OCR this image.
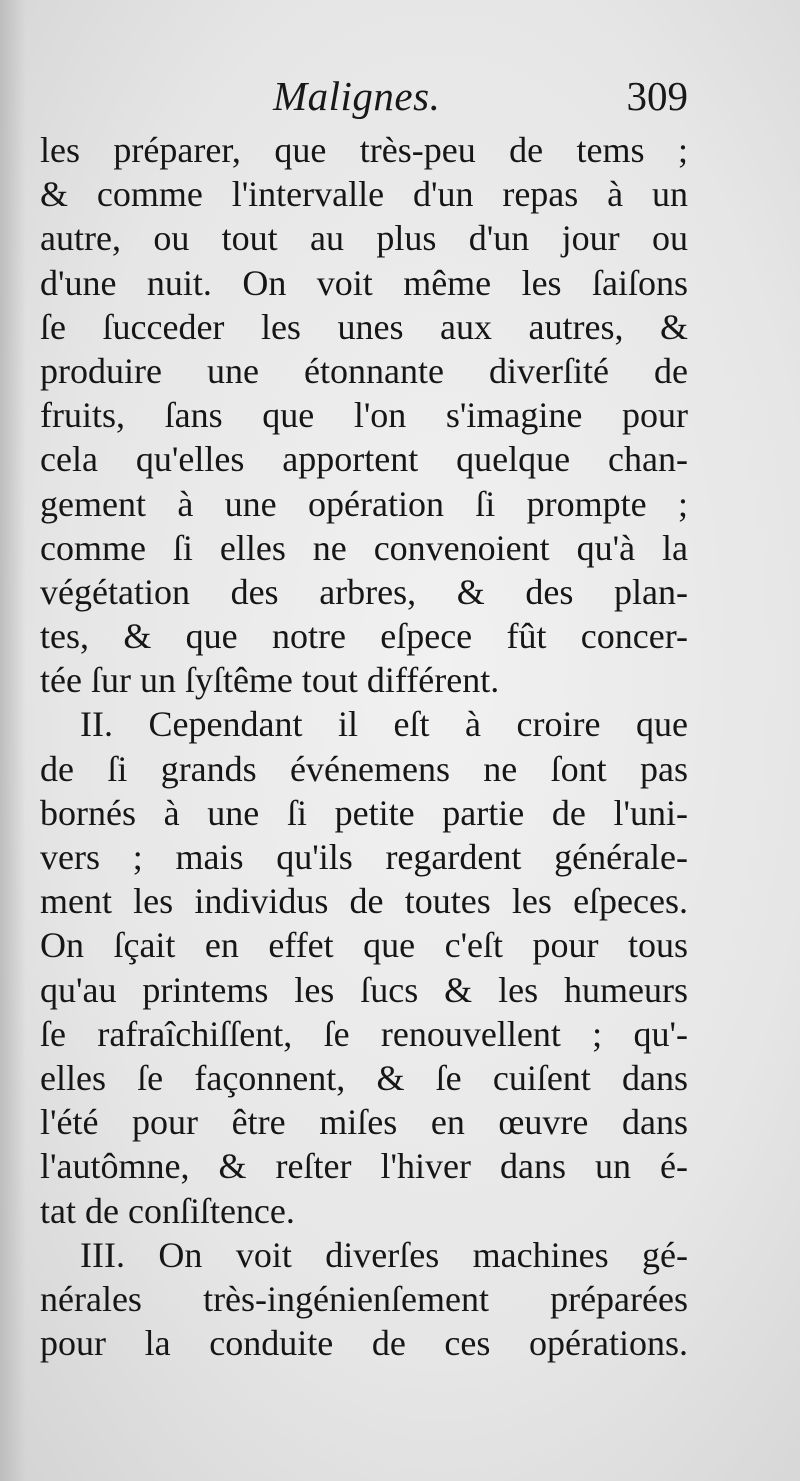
Malignes.	309
les préparer, que très-peu de tems ;
& comme l'intervalle d'un repas à un
autre, ou tout au plus d'un jour ou
d'une nuit. On voit même les ſaiſons
ſe ſucceder les unes aux autres, &
produire une étonnante diverſité de
fruits, ſans que l'on s'imagine pour
cela qu'elles apportent quelque chan-
gement à une opération ſi prompte ;
comme ſi elles ne convenoient qu'à la
végétation des arbres, & des plan-
tes, & que notre eſpece fût concer-
tée ſur un ſyſtême tout différent.
II. Cependant il eſt à croire que
de ſi grands événemens ne ſont pas
bornés à une ſi petite partie de l'uni-
vers ; mais qu'ils regardent générale-
ment les individus de toutes les eſpeces.
On ſçait en effet que c'eſt pour tous
qu'au printems les ſucs & les humeurs
ſe rafraîchiſſent, ſe renouvellent ; qu'-
elles ſe façonnent, & ſe cuiſent dans
l'été pour être miſes en œuvre dans
l'autômne, & reſter l'hiver dans un é-
tat de conſiſtence.
III. On voit diverſes machines gé-
nérales très-ingénienſement préparées
pour la conduite de ces opérations.
